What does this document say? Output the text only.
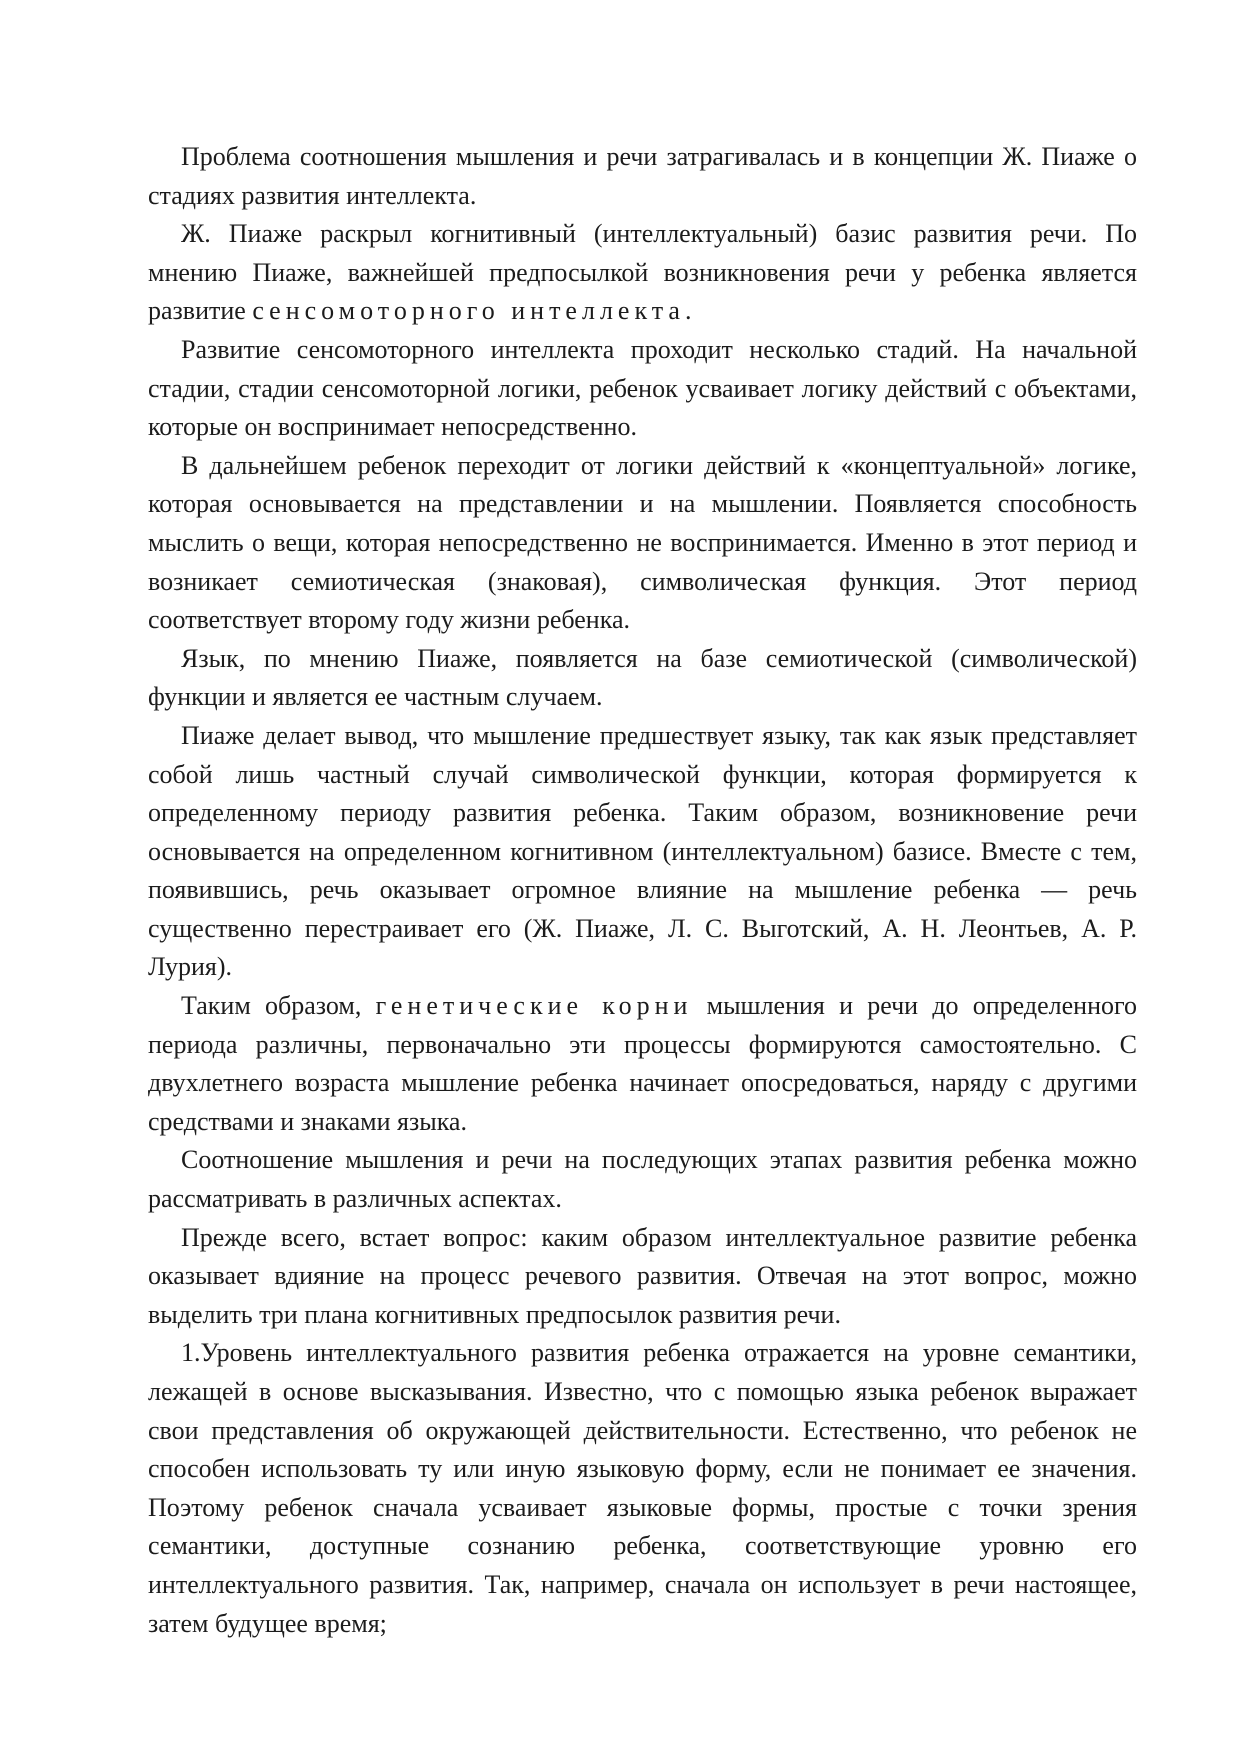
Проблема соотношения мышления и речи затрагивалась и в концепции Ж. Пиаже о стадиях развития интеллекта.

Ж. Пиаже раскрыл когнитивный (интеллектуальный) базис развития речи. По мнению Пиаже, важнейшей предпосылкой возникновения речи у ребенка является развитие сенсомоторного интеллекта.

Развитие сенсомоторного интеллекта проходит несколько стадий. На начальной стадии, стадии сенсомоторной логики, ребенок усваивает логику действий с объектами, которые он воспринимает непосредственно.

В дальнейшем ребенок переходит от логики действий к «концептуальной» логике, которая основывается на представлении и на мышлении. Появляется способность мыслить о вещи, которая непосредственно не воспринимается. Именно в этот период и возникает семиотическая (знаковая), символическая функция. Этот период соответствует второму году жизни ребенка.

Язык, по мнению Пиаже, появляется на базе семиотической (символической) функции и является ее частным случаем.

Пиаже делает вывод, что мышление предшествует языку, так как язык представляет собой лишь частный случай символической функции, которая формируется к определенному периоду развития ребенка. Таким образом, возникновение речи основывается на определенном когнитивном (интеллектуальном) базисе. Вместе с тем, появившись, речь оказывает огромное влияние на мышление ребенка — речь существенно перестраивает его (Ж. Пиаже, Л. С. Выготский, А. Н. Леонтьев, А. Р. Лурия).

Таким образом, генетические корни мышления и речи до определенного периода различны, первоначально эти процессы формируются самостоятельно. С двухлетнего возраста мышление ребенка начинает опосредоваться, наряду с другими средствами и знаками языка.

Соотношение мышления и речи на последующих этапах развития ребенка можно рассматривать в различных аспектах.

Прежде всего, встает вопрос: каким образом интеллектуальное развитие ребенка оказывает вдияние на процесс речевого развития. Отвечая на этот вопрос, можно выделить три плана когнитивных предпосылок развития речи.

1.Уровень интеллектуального развития ребенка отражается на уровне семантики, лежащей в основе высказывания. Известно, что с помощью языка ребенок выражает свои представления об окружающей действительности. Естественно, что ребенок не способен использовать ту или иную языковую форму, если не понимает ее значения. Поэтому ребенок сначала усваивает языковые формы, простые с точки зрения семантики, доступные сознанию ребенка, соответствующие уровню его интеллектуального развития. Так, например, сначала он использует в речи настоящее, затем будущее время;
